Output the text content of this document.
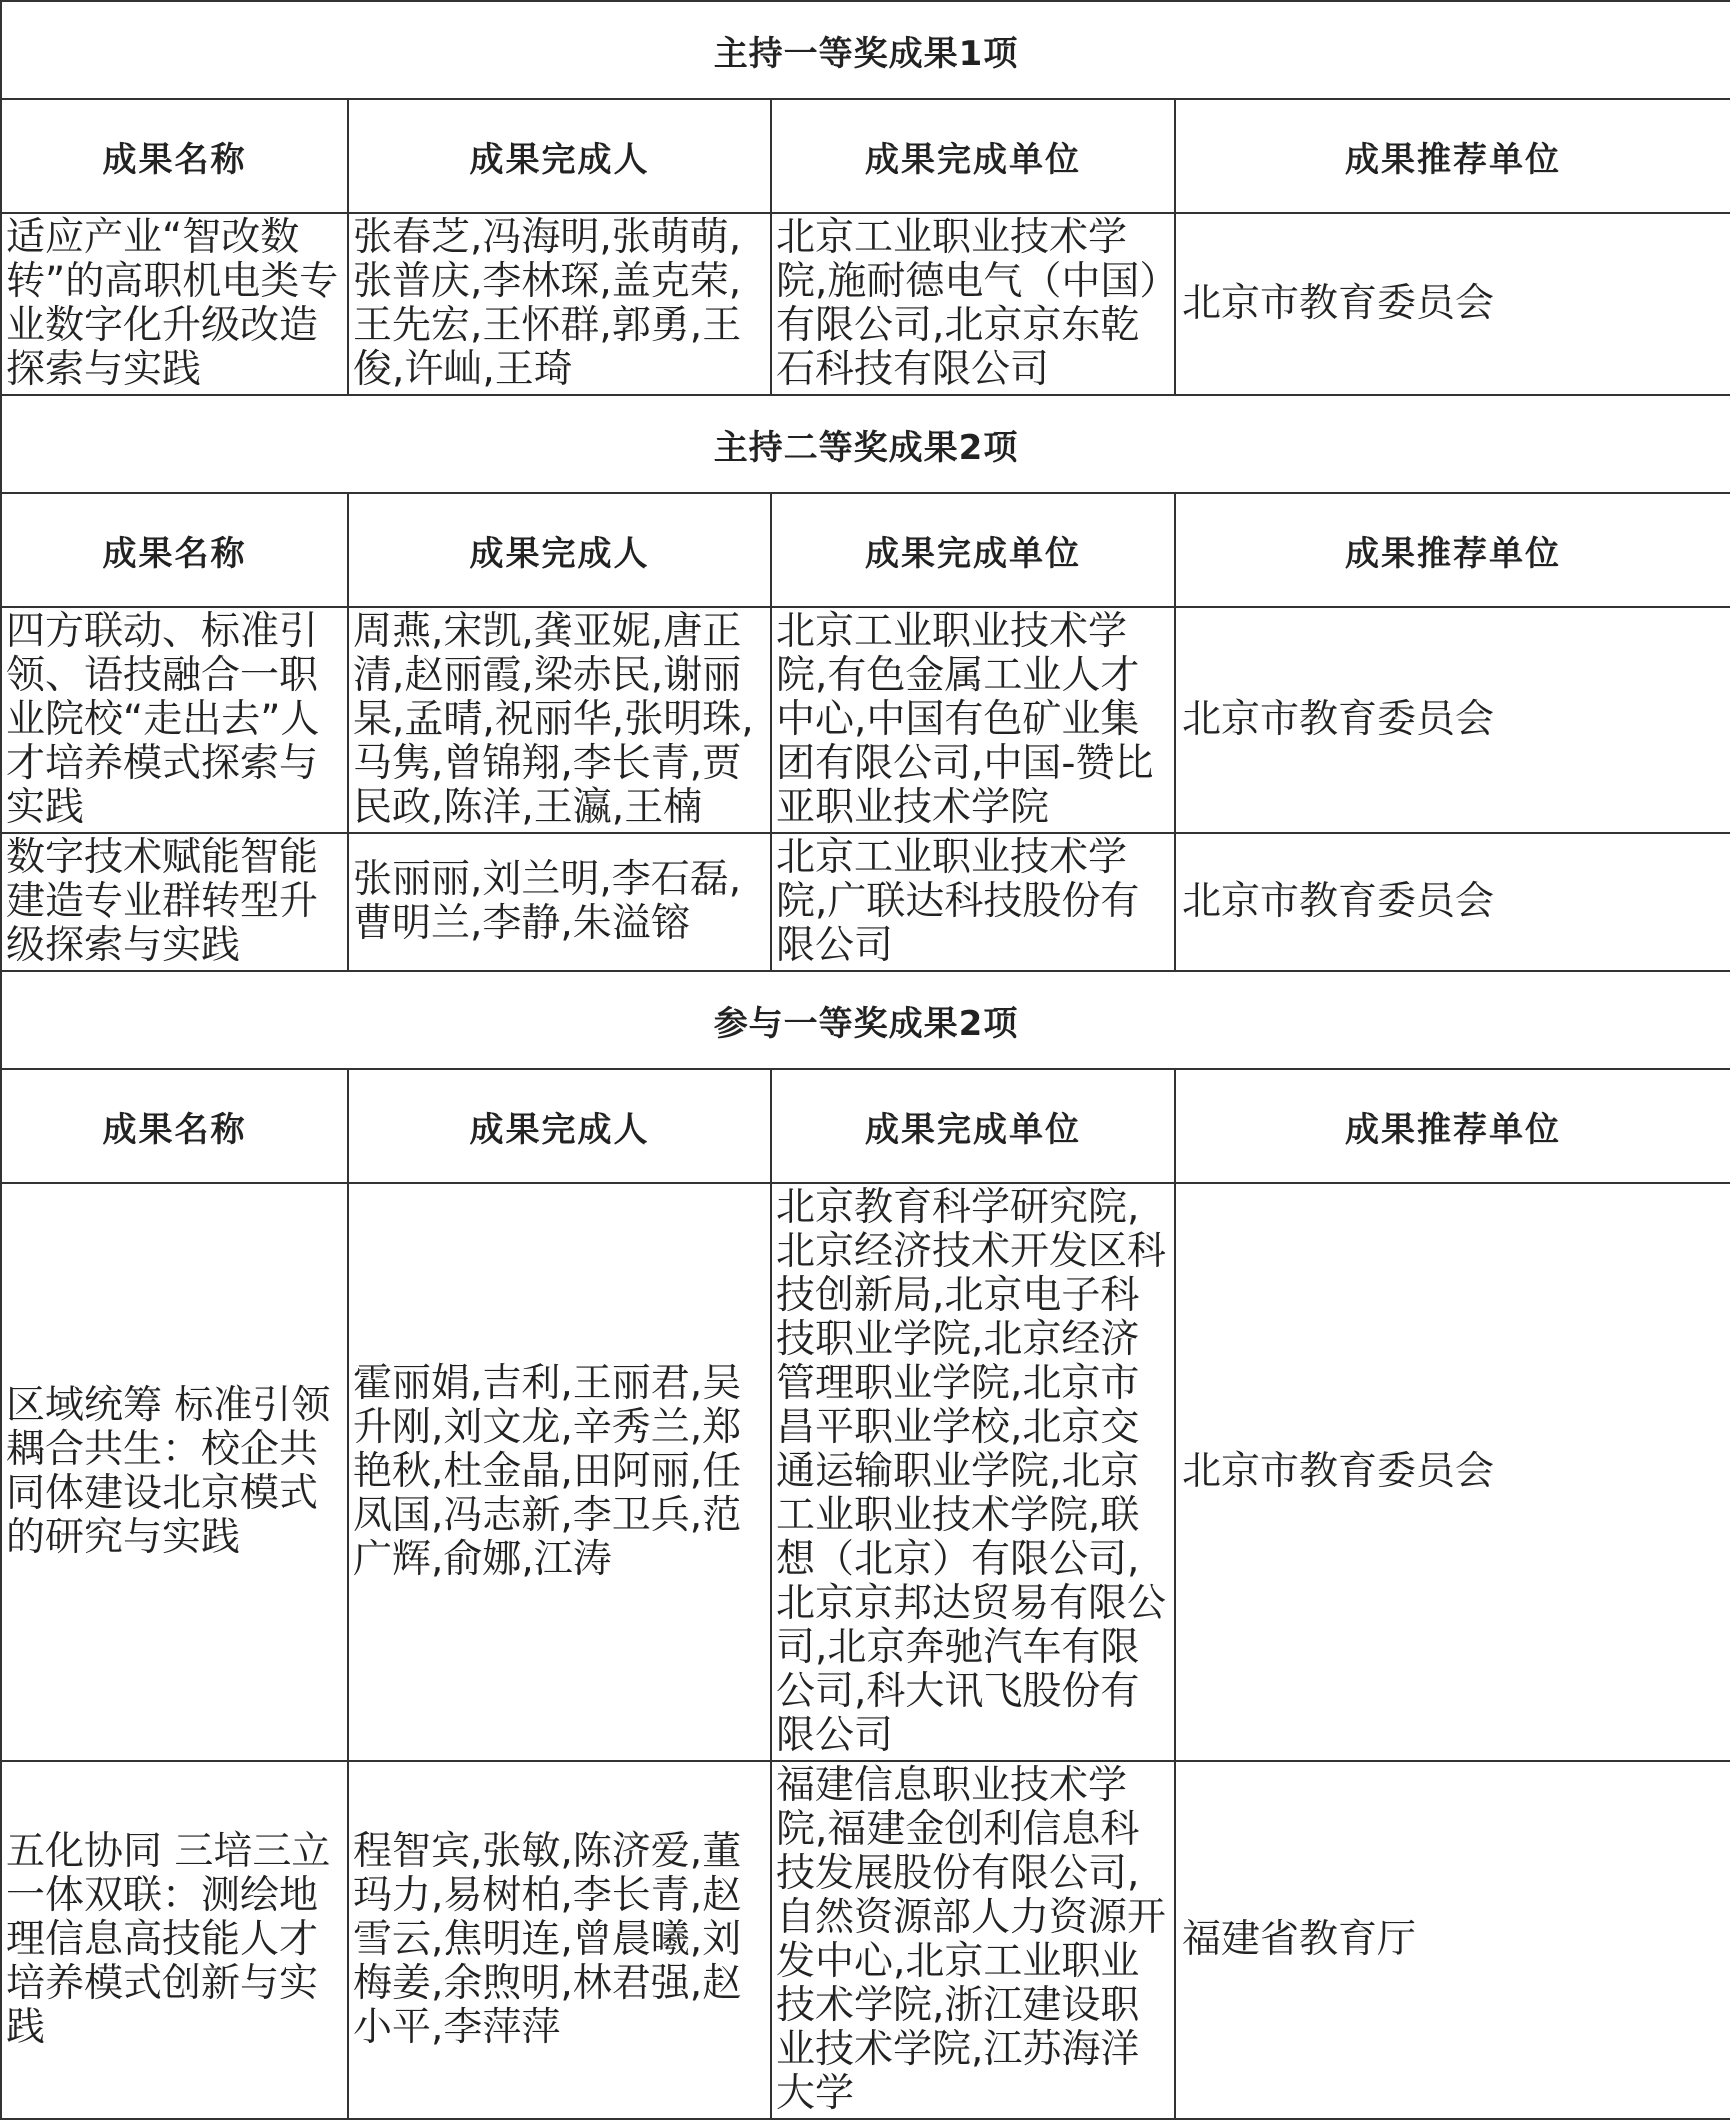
主持一等奖成果1项			
成果名称	成果完成人	成果完成单位	成果推荐单位
适应产业“智改数转”的高职机电类专业数字化升级改造探索与实践	张春芝,冯海明,张萌萌,张普庆,李林琛,盖克荣,王先宏,王怀群,郭勇,王俊,许屾,王琦	北京工业职业技术学院,施耐德电气（中国）有限公司,北京京东乾石科技有限公司	北京市教育委员会
主持二等奖成果2项			
成果名称	成果完成人	成果完成单位	成果推荐单位
四方联动、标准引领、语技融合一职业院校“走出去”人才培养模式探索与实践	周燕,宋凯,龚亚妮,唐正清,赵丽霞,梁赤民,谢丽杲,孟晴,祝丽华,张明珠,马隽,曾锦翔,李长青,贾民政,陈洋,王瀛,王楠	北京工业职业技术学院,有色金属工业人才中心,中国有色矿业集团有限公司,中国-赞比亚职业技术学院	北京市教育委员会
数字技术赋能智能建造专业群转型升级探索与实践	张丽丽,刘兰明,李石磊,曹明兰,李静,朱溢镕	北京工业职业技术学院,广联达科技股份有限公司	北京市教育委员会
参与一等奖成果2项			
成果名称	成果完成人	成果完成单位	成果推荐单位
区域统筹 标准引领 耦合共生：校企共同体建设北京模式的研究与实践	霍丽娟,吉利,王丽君,吴升刚,刘文龙,辛秀兰,郑艳秋,杜金晶,田阿丽,任凤国,冯志新,李卫兵,范广辉,俞娜,江涛	北京教育科学研究院,北京经济技术开发区科技创新局,北京电子科技职业学院,北京经济管理职业学院,北京市昌平职业学校,北京交通运输职业学院,北京工业职业技术学院,联想（北京）有限公司,北京京邦达贸易有限公司,北京奔驰汽车有限公司,科大讯飞股份有限公司	北京市教育委员会
五化协同 三培三立一体双联：测绘地理信息高技能人才培养模式创新与实践	程智宾,张敏,陈济爱,董玛力,易树柏,李长青,赵雪云,焦明连,曾晨曦,刘梅姜,余煦明,林君强,赵小平,李萍萍	福建信息职业技术学院,福建金创利信息科技发展股份有限公司,自然资源部人力资源开发中心,北京工业职业技术学院,浙江建设职业技术学院,江苏海洋大学	福建省教育厅
